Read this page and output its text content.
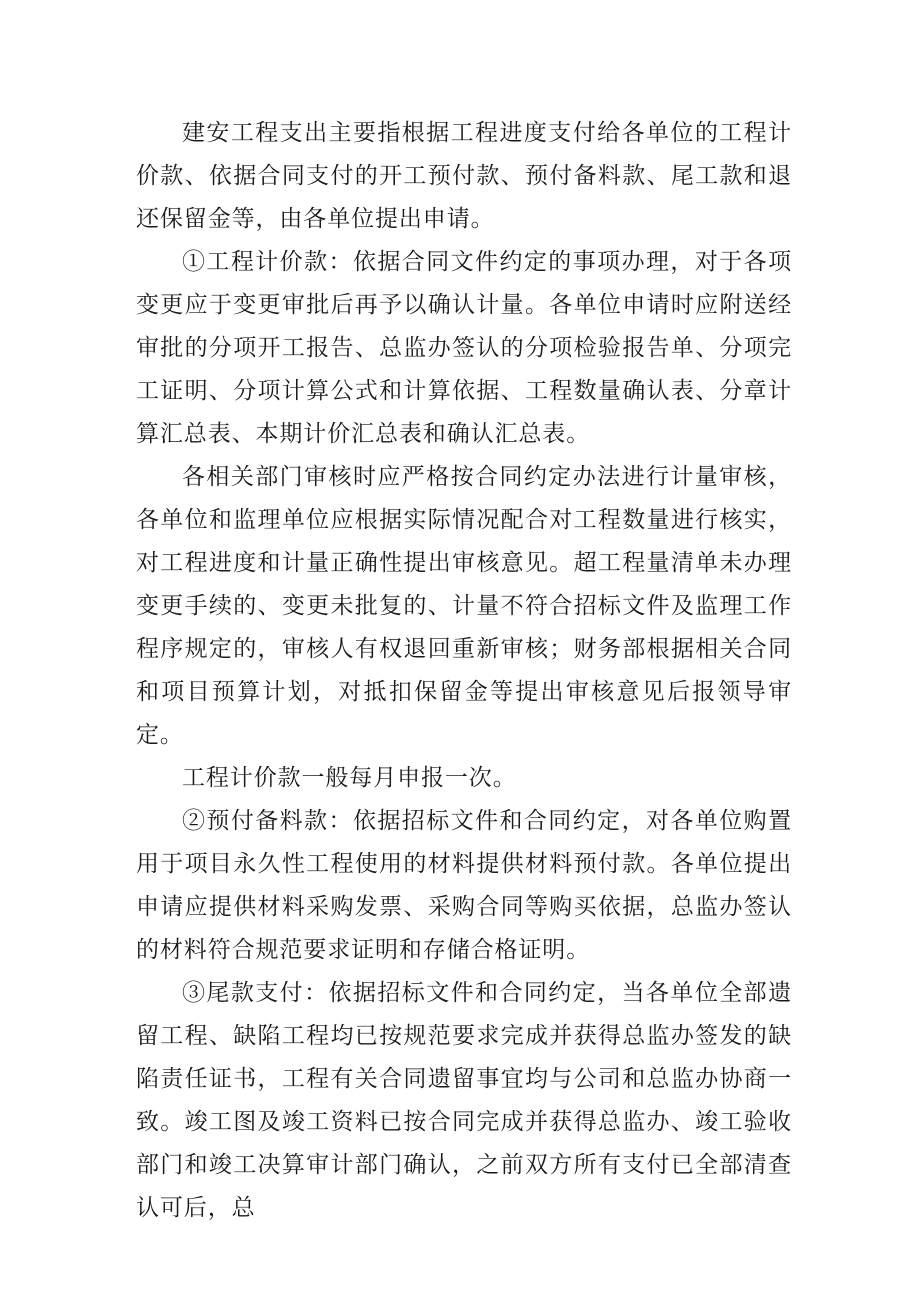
建安工程支出主要指根据工程进度支付给各单位的工程计价款、依据合同支付的开工预付款、预付备料款、尾工款和退还保留金等，由各单位提出申请。

①工程计价款：依据合同文件约定的事项办理，对于各项变更应于变更审批后再予以确认计量。各单位申请时应附送经审批的分项开工报告、总监办签认的分项检验报告单、分项完工证明、分项计算公式和计算依据、工程数量确认表、分章计算汇总表、本期计价汇总表和确认汇总表。

各相关部门审核时应严格按合同约定办法进行计量审核，各单位和监理单位应根据实际情况配合对工程数量进行核实，对工程进度和计量正确性提出审核意见。超工程量清单未办理变更手续的、变更未批复的、计量不符合招标文件及监理工作程序规定的，审核人有权退回重新审核；财务部根据相关合同和项目预算计划，对抵扣保留金等提出审核意见后报领导审定。

工程计价款一般每月申报一次。

②预付备料款：依据招标文件和合同约定，对各单位购置用于项目永久性工程使用的材料提供材料预付款。各单位提出申请应提供材料采购发票、采购合同等购买依据，总监办签认的材料符合规范要求证明和存储合格证明。

③尾款支付：依据招标文件和合同约定，当各单位全部遗留工程、缺陷工程均已按规范要求完成并获得总监办签发的缺陷责任证书，工程有关合同遗留事宜均与公司和总监办协商一致。竣工图及竣工资料已按合同完成并获得总监办、竣工验收部门和竣工决算审计部门确认，之前双方所有支付已全部清查认可后，总
